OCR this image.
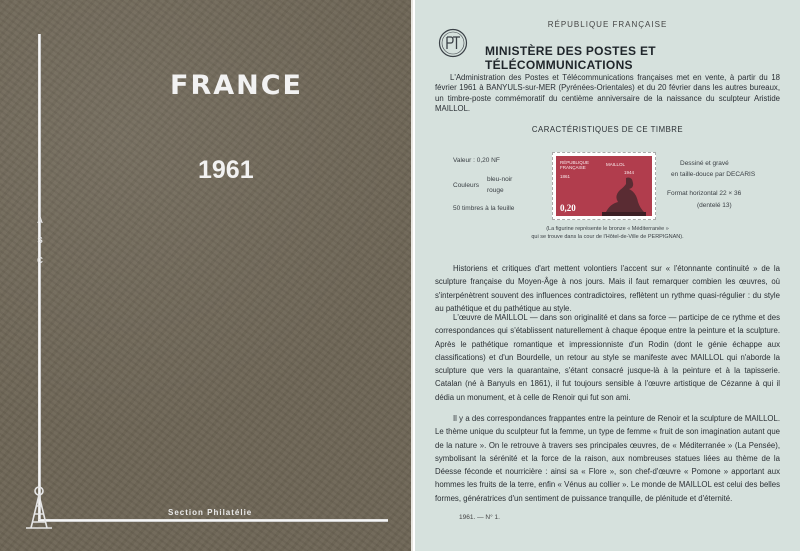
FRANCE
1961
A
S
C
Section Philatélie
RÉPUBLIQUE FRANÇAISE
MINISTÈRE DES POSTES ET TÉLÉCOMMUNICATIONS
L'Administration des Postes et Télécommunications françaises met en vente, à partir du 18 février 1961 à BANYULS-sur-MER (Pyrénées-Orientales) et du 20 février dans les autres bureaux, un timbre-poste commémoratif du centième anniversaire de la naissance du sculpteur Aristide MAILLOL.
CARACTÉRISTIQUES DE CE TIMBRE
Valeur : 0,20 NF
Couleurs
bleu-noir
rouge
50 timbres à la feuille
Dessiné et gravé
en taille-douce par DECARIS
Format horizontal 22 × 36
(dentelé 13)
RÉPUBLIQUE FRANÇAISE
1861
MAILLOL
1944
0,20
(La figurine représente le bronze « Méditerranée »
qui se trouve dans la cour de l'Hôtel-de-Ville de PERPIGNAN).
Historiens et critiques d'art mettent volontiers l'accent sur « l'étonnante continuité » de la sculpture française du Moyen-Âge à nos jours. Mais il faut remarquer combien les œuvres, où s'interpénètrent souvent des influences contradictoires, reflètent un rythme quasi-régulier : du style au pathétique et du pathétique au style.
L'œuvre de MAILLOL — dans son originalité et dans sa force — participe de ce rythme et des correspondances qui s'établissent naturellement à chaque époque entre la peinture et la sculpture. Après le pathétique romantique et impressionniste d'un Rodin (dont le génie échappe aux classifications) et d'un Bourdelle, un retour au style se manifeste avec MAILLOL qui n'aborde la sculpture que vers la quarantaine, s'étant consacré jusque-là à la peinture et à la tapisserie. Catalan (né à Banyuls en 1861), il fut toujours sensible à l'œuvre artistique de Cézanne à qui il dédia un monument, et à celle de Renoir qui fut son ami.
Il y a des correspondances frappantes entre la peinture de Renoir et la sculpture de MAILLOL. Le thème unique du sculpteur fut la femme, un type de femme « fruit de son imagination autant que de la nature ». On le retrouve à travers ses principales œuvres, de « Méditerranée » (La Pensée), symbolisant la sérénité et la force de la raison, aux nombreuses statues liées au thème de la Déesse féconde et nourricière : ainsi sa « Flore », son chef-d'œuvre « Pomone » apportant aux hommes les fruits de la terre, enfin « Vénus au collier ». Le monde de MAILLOL est celui des belles formes, génératrices d'un sentiment de puissance tranquille, de plénitude et d'éternité.
1961. — N° 1.
